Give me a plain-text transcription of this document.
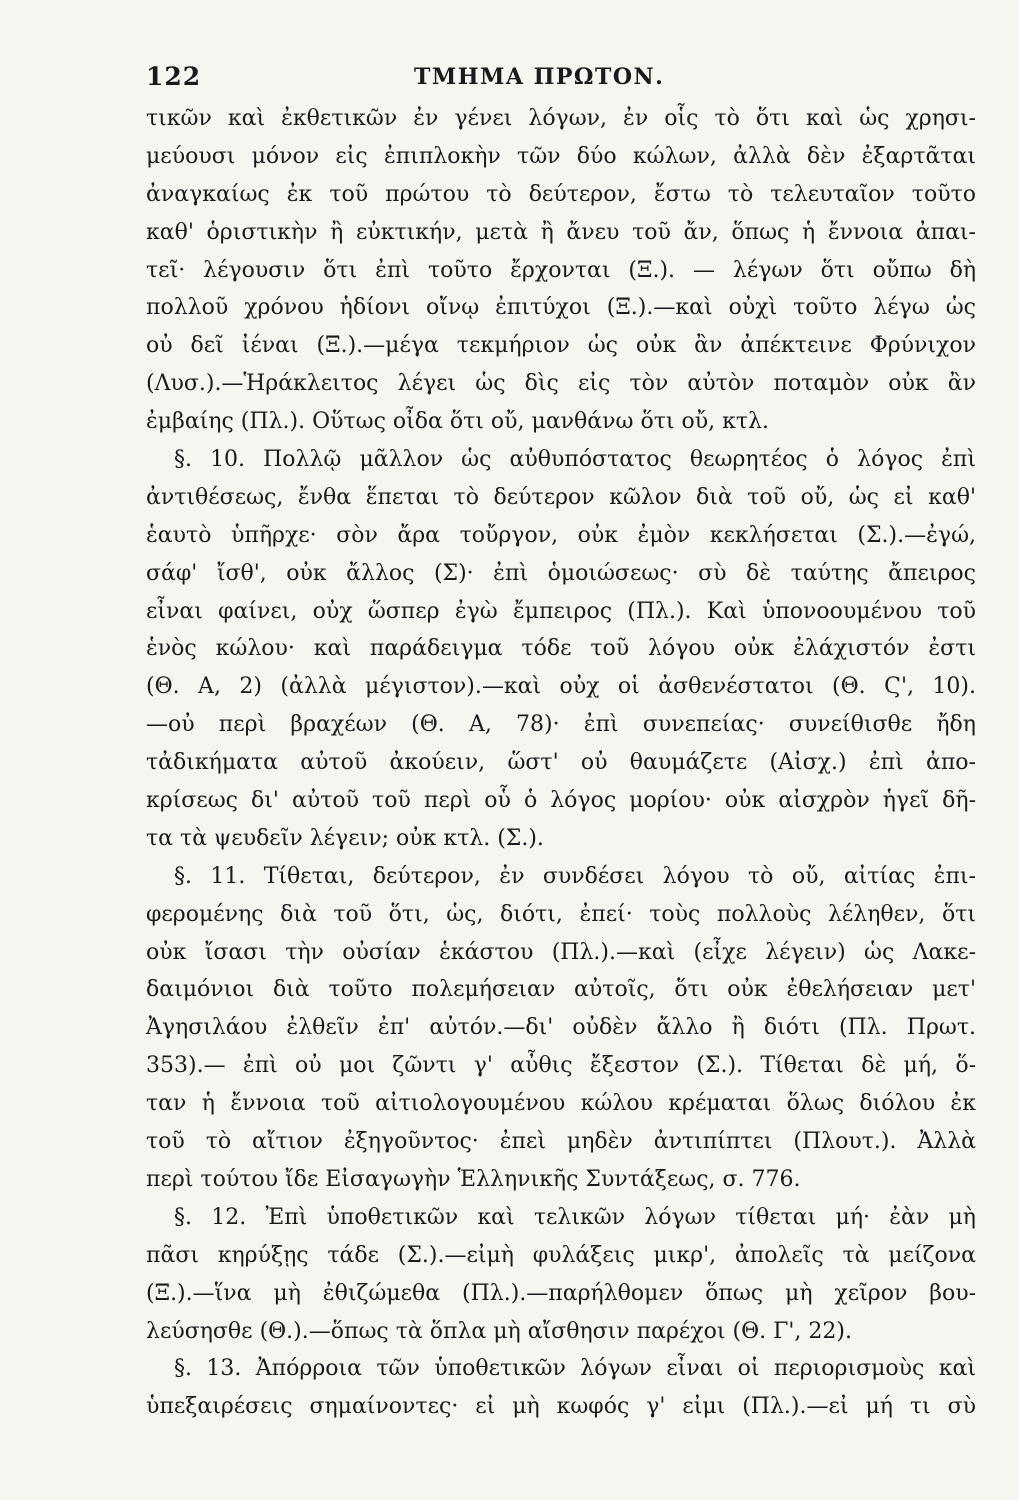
122	ΤΜΗΜΑ ΠΡΩΤΟΝ.
τικῶν καὶ ἐκθετικῶν ἐν γένει λόγων, ἐν οἷς τὸ ὅτι καὶ ὡς χρησι-
μεύουσι μόνον εἰς ἐπιπλοκὴν τῶν δύο κώλων, ἀλλὰ δὲν ἐξαρτᾶται
ἀναγκαίως ἐκ τοῦ πρώτου τὸ δεύτερον, ἔστω τὸ τελευταῖον τοῦτο
καθ' ὁριστικὴν ἢ εὐκτικήν, μετὰ ἢ ἄνευ τοῦ ἄν, ὅπως ἡ ἔννοια ἀπαι-
τεῖ· λέγουσιν ὅτι ἐπὶ τοῦτο ἔρχονται (Ξ.). — λέγων ὅτι οὔπω δὴ
πολλοῦ χρόνου ἡδίονι οἴνῳ ἐπιτύχοι (Ξ.).—καὶ οὐχὶ τοῦτο λέγω ὡς
οὐ δεῖ ἰέναι (Ξ.).—μέγα τεκμήριον ὡς οὐκ ἂν ἀπέκτεινε Φρύνιχον
(Λυσ.).—Ἡράκλειτος λέγει ὡς δὶς εἰς τὸν αὐτὸν ποταμὸν οὐκ ἂν
ἐμβαίης (Πλ.). Οὕτως οἶδα ὅτι οὔ, μανθάνω ὅτι οὔ, κτλ.
§. 10. Πολλῷ μᾶλλον ὡς αὐθυπόστατος θεωρητέος ὁ λόγος ἐπὶ
ἀντιθέσεως, ἔνθα ἕπεται τὸ δεύτερον κῶλον διὰ τοῦ οὔ, ὡς εἰ καθ'
ἑαυτὸ ὑπῆρχε· σὸν ἄρα τοὔργον, οὐκ ἐμὸν κεκλήσεται (Σ.).—ἐγώ,
σάφ' ἴσθ', οὐκ ἄλλος (Σ)· ἐπὶ ὁμοιώσεως· σὺ δὲ ταύτης ἄπειρος
εἶναι φαίνει, οὐχ ὥσπερ ἐγὼ ἔμπειρος (Πλ.). Καὶ ὑπονοουμένου τοῦ
ἑνὸς κώλου· καὶ παράδειγμα τόδε τοῦ λόγου οὐκ ἐλάχιστόν ἐστι
(Θ. Α, 2) (ἀλλὰ μέγιστον).—καὶ οὐχ οἱ ἀσθενέστατοι (Θ. Ϛ', 10).
—οὐ περὶ βραχέων (Θ. Α, 78)· ἐπὶ συνεπείας· συνείθισθε ἤδη
τἀδικήματα αὐτοῦ ἀκούειν, ὥστ' οὐ θαυμάζετε (Αἰσχ.) ἐπὶ ἀπο-
κρίσεως δι' αὐτοῦ τοῦ περὶ οὗ ὁ λόγος μορίου· οὐκ αἰσχρὸν ἡγεῖ δῆ-
τα τὰ ψευδεῖν λέγειν; οὐκ κτλ. (Σ.).
§. 11. Τίθεται, δεύτερον, ἐν συνδέσει λόγου τὸ οὔ, αἰτίας ἐπι-
φερομένης διὰ τοῦ ὅτι, ὡς, διότι, ἐπεί· τοὺς πολλοὺς λέληθεν, ὅτι
οὐκ ἴσασι τὴν οὐσίαν ἑκάστου (Πλ.).—καὶ (εἶχε λέγειν) ὡς Λακε-
δαιμόνιοι διὰ τοῦτο πολεμήσειαν αὐτοῖς, ὅτι οὐκ ἐθελήσειαν μετ'
Ἀγησιλάου ἐλθεῖν ἐπ' αὐτόν.—δι' οὐδὲν ἄλλο ἢ διότι (Πλ. Πρωτ.
353).— ἐπὶ οὐ μοι ζῶντι γ' αὖθις ἔξεστον (Σ.). Τίθεται δὲ μή, ὅ-
ταν ἡ ἔννοια τοῦ αἰτιολογουμένου κώλου κρέμαται ὅλως διόλου ἐκ
τοῦ τὸ αἴτιον ἐξηγοῦντος· ἐπεὶ μηδὲν ἀντιπίπτει (Πλουτ.). Ἀλλὰ
περὶ τούτου ἴδε Εἰσαγωγὴν Ἑλληνικῆς Συντάξεως, σ. 776.
§. 12. Ἐπὶ ὑποθετικῶν καὶ τελικῶν λόγων τίθεται μή· ἐὰν μὴ
πᾶσι κηρύξῃς τάδε (Σ.).—εἰμὴ φυλάξεις μικρ', ἀπολεῖς τὰ μείζονα
(Ξ.).—ἵνα μὴ ἐθιζώμεθα (Πλ.).—παρήλθομεν ὅπως μὴ χεῖρον βου-
λεύσησθε (Θ.).—ὅπως τὰ ὅπλα μὴ αἴσθησιν παρέχοι (Θ. Γ', 22).
§. 13. Ἀπόρροια τῶν ὑποθετικῶν λόγων εἶναι οἱ περιορισμοὺς καὶ
ὑπεξαιρέσεις σημαίνοντες· εἰ μὴ κωφός γ' εἰμι (Πλ.).—εἰ μή τι σὺ
